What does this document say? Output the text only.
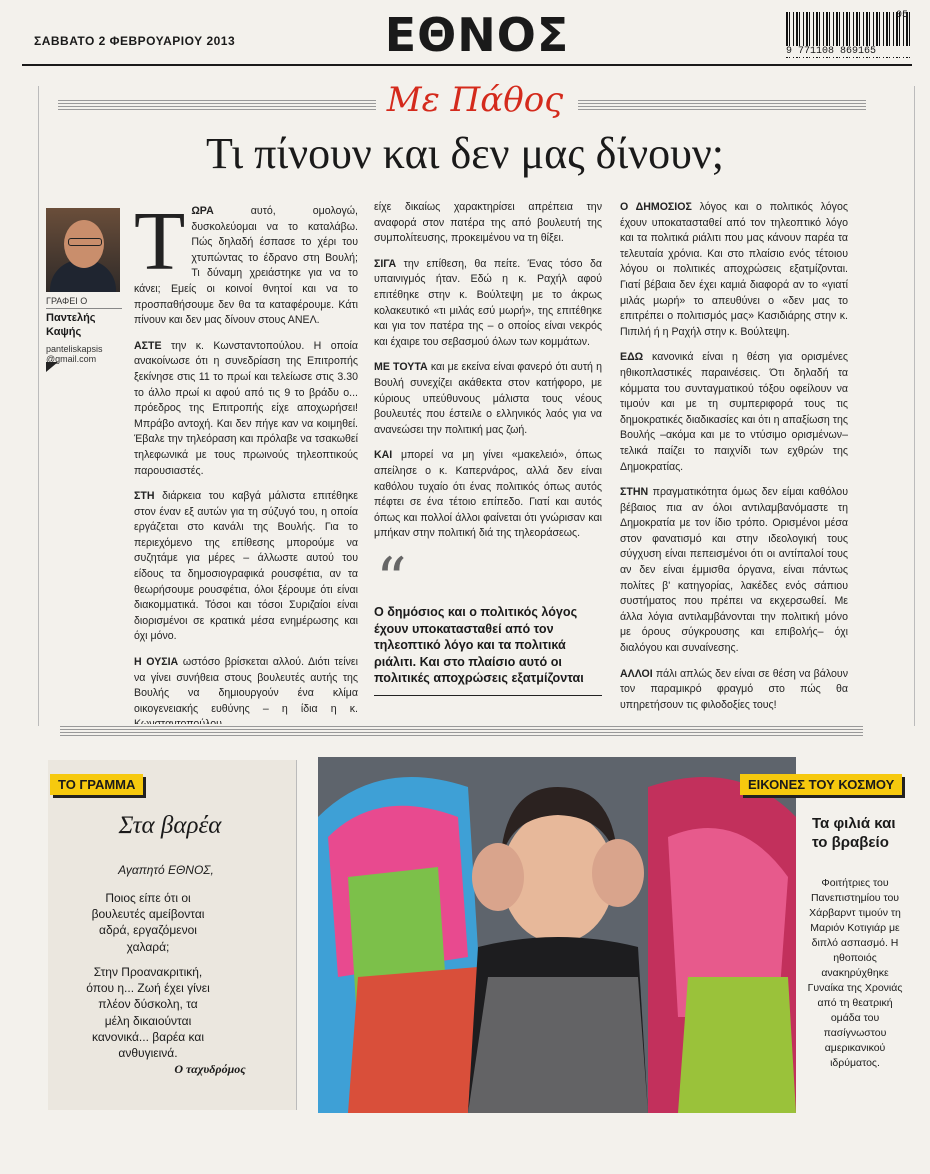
ΣΑΒΒΑΤΟ 2 ΦΕΒΡΟΥΑΡΙΟΥ 2013	ΕΘΝΟΣ	9 771108 869165
05
Με Πάθος
Τι πίνουν και δεν μας δίνουν;
ΓΡΑΦΕΙ Ο
Παντελής
Καψής
panteliskapsis
@gmail.com

ΤΩΡΑ αυτό, ομολογώ, δυσκολεύομαι να το καταλάβω. Πώς δηλαδή έσπασε το χέρι του χτυπώντας το έδρανο στη Βουλή; Τι δύναμη χρειάστηκε για να το κάνει; Εμείς οι κοινοί θνητοί και να το προσπαθήσουμε δεν θα τα καταφέρουμε. Κάτι πίνουν και δεν μας δίνουν στους ΑΝΕΛ.

ΑΣΤΕ την κ. Κωνσταντοπούλου. Η οποία ανακοίνωσε ότι η συνεδρίαση της Επιτροπής ξεκίνησε στις 11 το πρωί και τελείωσε στις 3.30 το άλλο πρωί κι αφού από τις 9 το βράδυ ο... πρόεδρος της Επιτροπής είχε αποχωρήσει! Μπράβο αντοχή. Και δεν πήγε καν να κοιμηθεί. Έβαλε την τηλεόραση και πρόλαβε να τσακωθεί τηλεφωνικά με τους πρωινούς τηλεοπτικούς παρουσιαστές.

ΣΤΗ διάρκεια του καβγά μάλιστα επιτέθηκε στον έναν εξ αυτών για τη σύζυγό του, η οποία εργάζεται στο κανάλι της Βουλής. Για το περιεχόμενο της επίθεσης μπορούμε να συζητάμε για μέρες – άλλωστε αυτού του είδους τα δημοσιογραφικά ρουσφέτια, αν τα θεωρήσουμε ρουσφέτια, όλοι ξέρουμε ότι είναι διακομματικά. Τόσοι και τόσοι Συριζαίοι είναι διορισμένοι σε κρατικά μέσα ενημέρωσης και όχι μόνο.

Η ΟΥΣΙΑ ωστόσο βρίσκεται αλλού. Διότι τείνει να γίνει συνήθεια στους βουλευτές αυτής της Βουλής να δημιουργούν ένα κλίμα οικογενειακής ευθύνης – η ίδια η κ.

είχε δικαίως χαρακτηρίσει απρέπεια την αναφορά στον πατέρα της από βουλευτή της συμπολίτευσης, προκειμένου να τη θίξει.

ΣΙΓΑ την επίθεση, θα πείτε. Ένας τόσο δα υπαινιγμός ήταν. Εδώ η κ. Ραχήλ αφού επιτέθηκε στην κ. Βούλτεψη με το άκρως κολακευτικό «τι μιλάς εσύ μωρή», της επιτέθηκε και για τον πατέρα της – ο οποίος είναι νεκρός και έχαιρε του σεβασμού όλων των κομμάτων.

ΜΕ ΤΟΥΤΑ και με εκείνα είναι φανερό ότι αυτή η Βουλή συνεχίζει ακάθεκτα στον κατήφορο, με κύριους υπεύθυνους μάλιστα τους νέους βουλευτές που έστειλε ο ελληνικός λαός για να ανανεώσει την πολιτική μας ζωή.

ΚΑΙ μπορεί να μη γίνει «μακελειό», όπως απείλησε ο κ. Καπερνάρος, αλλά δεν είναι καθόλου τυχαίο ότι ένας πολιτικός όπως αυτός πέφτει σε ένα τέτοιο επίπεδο. Γιατί και αυτός όπως και πολλοί άλλοι φαίνεται ότι γνώρισαν και μπήκαν στην πολιτική διά της τηλεοράσεως.

“
Ο δημόσιος και ο πολιτικός λόγος έχουν υποκατασταθεί από τον τηλεοπτικό λόγο και τα πολιτικά ριάλιτι. Και στο πλαίσιο αυτό οι πολιτικές αποχρώσεις εξατμίζονται

Ο ΔΗΜΟΣΙΟΣ λόγος και ο πολιτικός λόγος έχουν υποκατασταθεί από τον τηλεοπτικό λόγο και τα πολιτικά ριάλιτι που μας κάνουν παρέα τα τελευταία χρόνια. Και στο πλαίσιο ενός τέτοιου λόγου οι πολιτικές αποχρώσεις εξατμίζονται. Γιατί βέβαια δεν έχει καμιά διαφορά αν το «γιατί μιλάς μωρή» το απευθύνει ο «δεν μας το επιτρέπει ο πολιτισμός μας» Κασιδιάρης στην κ. Πιπιλή ή η Ραχήλ στην κ. Βούλτεψη.

ΕΔΩ κανονικά είναι η θέση για ορισμένες ηθικοπλαστικές παραινέσεις. Ότι δηλαδή τα κόμματα του συνταγματικού τόξου οφείλουν να τιμούν και με τη συμπεριφορά τους τις δημοκρατικές διαδικασίες και ότι η απαξίωση της Βουλής –ακόμα και με το ντύσιμο ορισμένων– τελικά παίζει το παιχνίδι των εχθρών της Δημοκρατίας.

ΣΤΗΝ πραγματικότητα όμως δεν είμαι καθόλου βέβαιος πια αν όλοι αντιλαμβανόμαστε τη Δημοκρατία με τον ίδιο τρόπο. Ορισμένοι μέσα στον φανατισμό και στην ιδεολογική τους σύγχυση είναι πεπεισμένοι ότι οι αντίπαλοί τους αν δεν είναι έμμισθα όργανα, είναι πάντως πολίτες β' κατηγορίας, λακέδες ενός σάπιου συστήματος που πρέπει να εκχερσωθεί. Με άλλα λόγια αντιλαμβάνονται την πολιτική μόνο με όρους σύγκρουσης και επιβολής– όχι διαλόγου και συναίνεσης.

ΑΛΛΟΙ πάλι απλώς δεν είναι σε θέση να βάλουν τον παραμικρό φραγμό στο πώς θα υπηρετήσουν τις φιλοδοξίες τους!

ΤΟ ΓΡΑΜΜΑ
Στα βαρέα
Αγαπητό ΕΘΝΟΣ,
Ποιος είπε ότι οι βουλευτές αμείβονται αδρά, εργαζόμενοι χαλαρά;
Στην Προανακριτική, όπου η... Ζωή έχει γίνει πλέον δύσκολη, τα μέλη δικαιούνται κανονικά... βαρέα και ανθυγιεινά.
Ο ταχυδρόμος
ΕΙΚΟΝΕΣ ΤΟΥ ΚΟΣΜΟΥ
Τα φιλιά και το βραβείο
Φοιτήτριες του Πανεπιστημίου του Χάρβαρντ τιμούν τη Μαριόν Κοτιγιάρ με διπλό ασπασμό. Η ηθοποιός ανακηρύχθηκε Γυναίκα της Χρονιάς από τη θεατρική ομάδα του πασίγνωστου αμερικανικού ιδρύματος.
